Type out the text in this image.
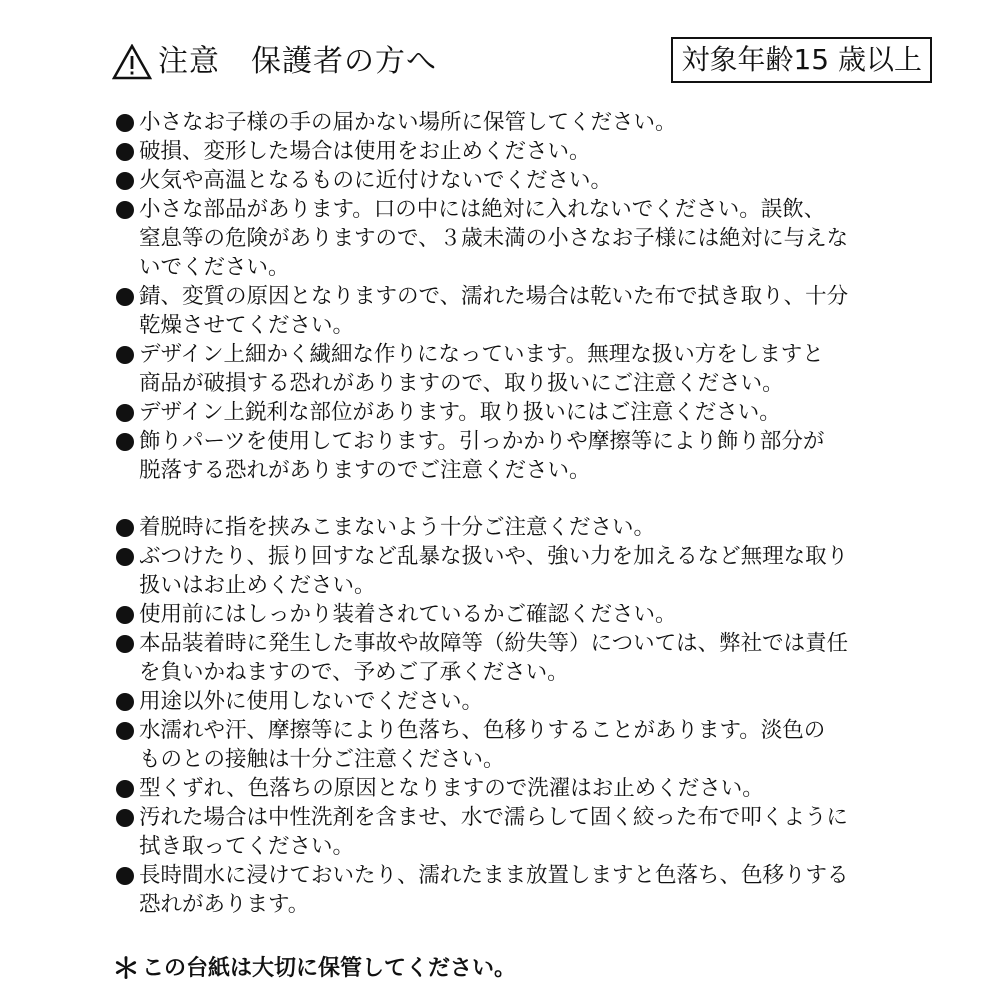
注意　保護者の方へ	対象年齢15 歳以上
小さなお子様の手の届かない場所に保管してください。
破損、変形した場合は使用をお止めください。
火気や高温となるものに近付けないでください。
小さな部品があります。口の中には絶対に入れないでください。誤飲、
窒息等の危険がありますので、３歳未満の小さなお子様には絶対に与えな
いでください。
錆、変質の原因となりますので、濡れた場合は乾いた布で拭き取り、十分
乾燥させてください。
デザイン上細かく繊細な作りになっています。無理な扱い方をしますと
商品が破損する恐れがありますので、取り扱いにご注意ください。
デザイン上鋭利な部位があります。取り扱いにはご注意ください。
飾りパーツを使用しております。引っかかりや摩擦等により飾り部分が
脱落する恐れがありますのでご注意ください。
着脱時に指を挟みこまないよう十分ご注意ください。
ぶつけたり、振り回すなど乱暴な扱いや、強い力を加えるなど無理な取り
扱いはお止めください。
使用前にはしっかり装着されているかご確認ください。
本品装着時に発生した事故や故障等（紛失等）については、弊社では責任
を負いかねますので、予めご了承ください。
用途以外に使用しないでください。
水濡れや汗、摩擦等により色落ち、色移りすることがあります。淡色の
ものとの接触は十分ご注意ください。
型くずれ、色落ちの原因となりますので洗濯はお止めください。
汚れた場合は中性洗剤を含ませ、水で濡らして固く絞った布で叩くように
拭き取ってください。
長時間水に浸けておいたり、濡れたまま放置しますと色落ち、色移りする
恐れがあります。
＊ この台紙は大切に保管してください。
